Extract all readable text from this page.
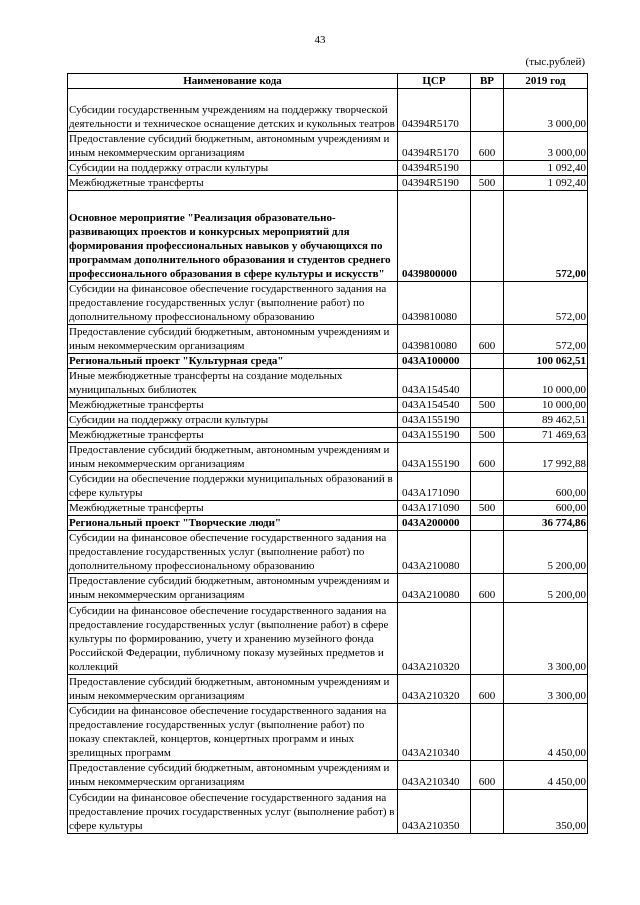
43
(тыс.рублей)
Наименование кода	ЦСР	ВР	2019 год

Субсидии государственным учреждениям на поддержку творческой
деятельности и техническое оснащение детских и кукольных театров	04394R5170		3 000,00

Предоставление субсидий бюджетным, автономным учреждениям и
иным некоммерческим организациям	04394R5170	600	3 000,00

Субсидии на поддержку отрасли культуры	04394R5190		1 092,40

Межбюджетные трансферты	04394R5190	500	1 092,40

Основное мероприятие "Реализация образовательно-
развивающих проектов и конкурсных мероприятий для
формирования профессиональных навыков у обучающихся по
программам дополнительного образования и студентов среднего
профессионального образования в сфере культуры и искусств"	0439800000		572,00

Субсидии на финансовое обеспечение государственного задания на
предоставление государственных услуг (выполнение работ) по
дополнительному профессиональному образованию	0439810080		572,00

Предоставление субсидий бюджетным, автономным учреждениям и
иным некоммерческим организациям	0439810080	600	572,00

Региональный проект "Культурная среда"	043A100000		100 062,51

Иные межбюджетные трансферты на создание модельных
муниципальных библиотек	043A154540		10 000,00

Межбюджетные трансферты	043A154540	500	10 000,00

Субсидии на поддержку отрасли культуры	043A155190		89 462,51

Межбюджетные трансферты	043A155190	500	71 469,63

Предоставление субсидий бюджетным, автономным учреждениям и
иным некоммерческим организациям	043A155190	600	17 992,88

Субсидии на обеспечение поддержки муниципальных образований в
сфере культуры	043A171090		600,00

Межбюджетные трансферты	043A171090	500	600,00

Региональный проект "Творческие люди"	043A200000		36 774,86

Субсидии на финансовое обеспечение государственного задания на
предоставление государственных услуг (выполнение работ) по
дополнительному профессиональному образованию	043A210080		5 200,00

Предоставление субсидий бюджетным, автономным учреждениям и
иным некоммерческим организациям	043A210080	600	5 200,00

Субсидии на финансовое обеспечение государственного задания на
предоставление государственных услуг (выполнение работ) в сфере
культуры по формированию, учету и хранению музейного фонда
Российской Федерации, публичному показу музейных предметов и
коллекций	043A210320		3 300,00

Предоставление субсидий бюджетным, автономным учреждениям и
иным некоммерческим организациям	043A210320	600	3 300,00

Субсидии на финансовое обеспечение государственного задания на
предоставление государственных услуг (выполнение работ) по
показу спектаклей, концертов, концертных программ и иных
зрелищных программ	043A210340		4 450,00

Предоставление субсидий бюджетным, автономным учреждениям и
иным некоммерческим организациям	043A210340	600	4 450,00

Субсидии на финансовое обеспечение государственного задания на
предоставление прочих государственных услуг (выполнение работ) в
сфере культуры	043A210350		350,00
